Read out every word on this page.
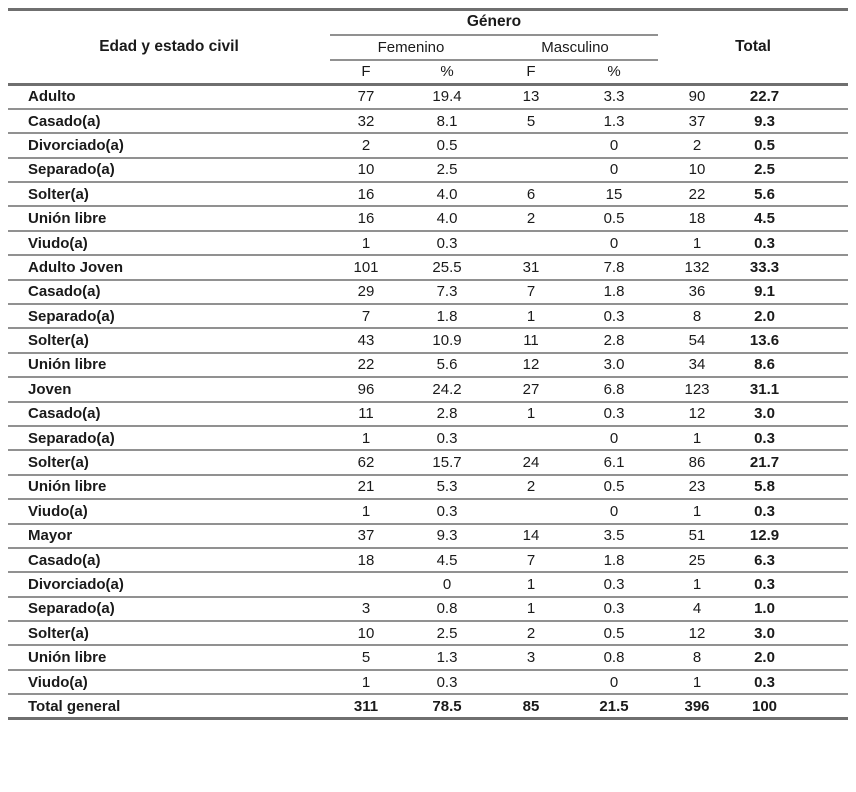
Edad y estado civil	Género				Total	
	Femenino		Masculino			
	F	%	F	%		
Adulto	77	19.4	13	3.3	90	22.7
Casado(a)	32	8.1	5	1.3	37	9.3
Divorciado(a)	2	0.5		0	2	0.5
Separado(a)	10	2.5		0	10	2.5
Solter(a)	16	4.0	6	15	22	5.6
Unión libre	16	4.0	2	0.5	18	4.5
Viudo(a)	1	0.3		0	1	0.3
Adulto Joven	101	25.5	31	7.8	132	33.3
Casado(a)	29	7.3	7	1.8	36	9.1
Separado(a)	7	1.8	1	0.3	8	2.0
Solter(a)	43	10.9	11	2.8	54	13.6
Unión libre	22	5.6	12	3.0	34	8.6
Joven	96	24.2	27	6.8	123	31.1
Casado(a)	11	2.8	1	0.3	12	3.0
Separado(a)	1	0.3		0	1	0.3
Solter(a)	62	15.7	24	6.1	86	21.7
Unión libre	21	5.3	2	0.5	23	5.8
Viudo(a)	1	0.3		0	1	0.3
Mayor	37	9.3	14	3.5	51	12.9
Casado(a)	18	4.5	7	1.8	25	6.3
Divorciado(a)		0	1	0.3	1	0.3
Separado(a)	3	0.8	1	0.3	4	1.0
Solter(a)	10	2.5	2	0.5	12	3.0
Unión libre	5	1.3	3	0.8	8	2.0
Viudo(a)	1	0.3		0	1	0.3
Total general	311	78.5	85	21.5	396	100
